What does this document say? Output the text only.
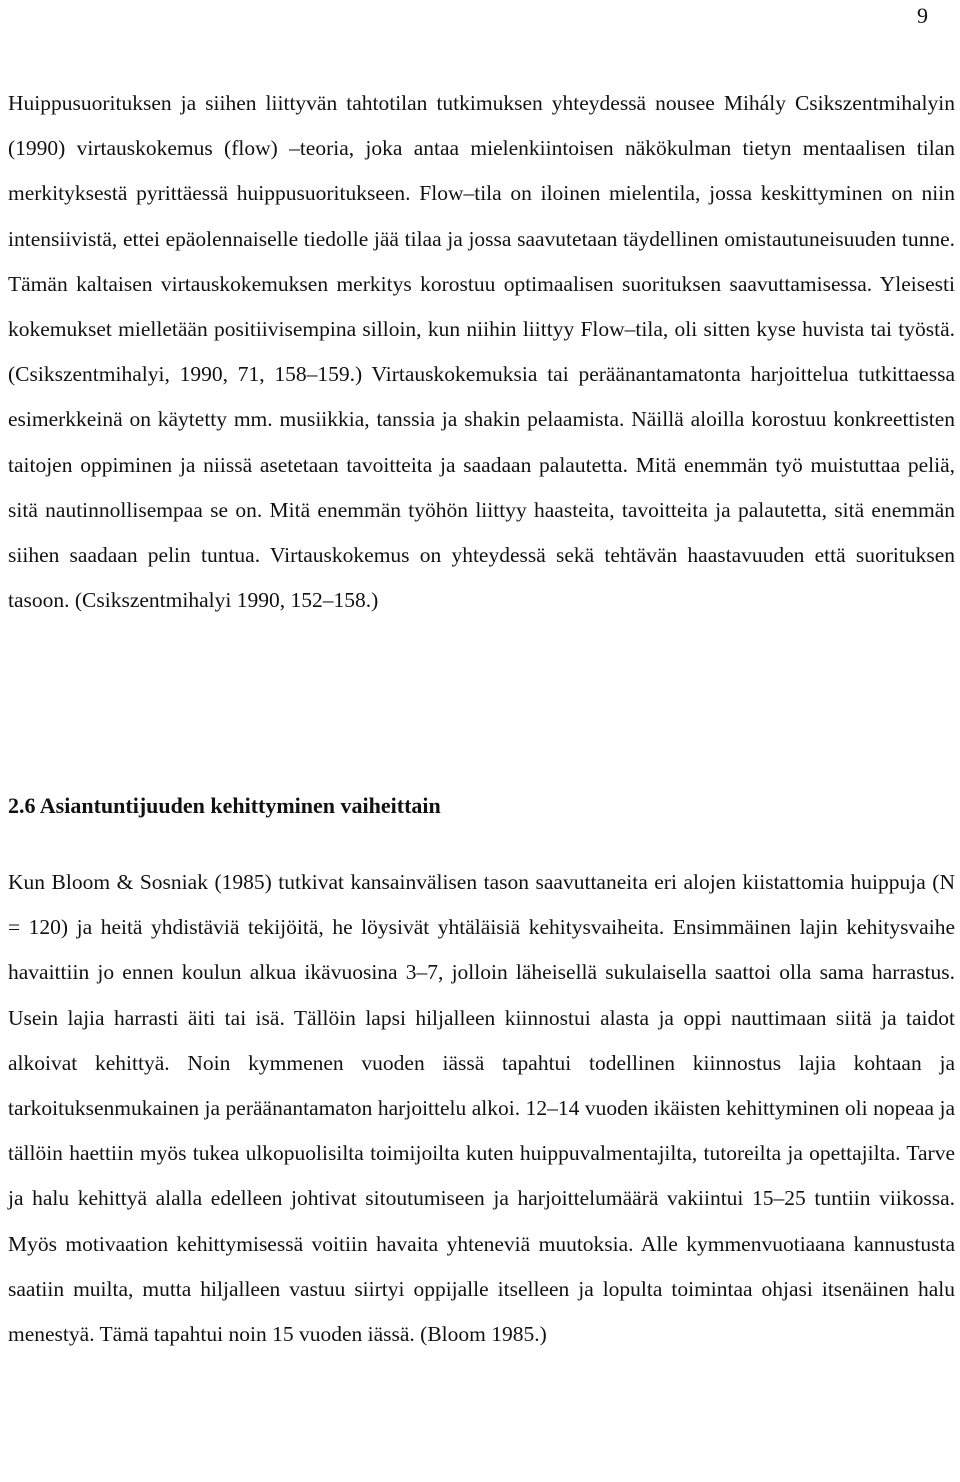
9

Huippusuorituksen ja siihen liittyvän tahtotilan tutkimuksen yhteydessä nousee Mihály Csikszentmihalyin (1990) virtauskokemus (flow) –teoria, joka antaa mielenkiintoisen näkökulman tietyn mentaalisen tilan merkityksestä pyrittäessä huippusuoritukseen. Flow–tila on iloinen mielentila, jossa keskittyminen on niin intensiivistä, ettei epäolennaiselle tiedolle jää tilaa ja jossa saavutetaan täydellinen omistautuneisuuden tunne. Tämän kaltaisen virtauskokemuksen merkitys korostuu optimaalisen suorituksen saavuttamisessa. Yleisesti kokemukset mielletään positiivisempina silloin, kun niihin liittyy Flow–tila, oli sitten kyse huvista tai työstä. (Csikszentmihalyi, 1990, 71, 158–159.) Virtauskokemuksia tai peräänantamatonta harjoittelua tutkittaessa esimerkkeinä on käytetty mm. musiikkia, tanssia ja shakin pelaamista. Näillä aloilla korostuu konkreettisten taitojen oppiminen ja niissä asetetaan tavoitteita ja saadaan palautetta. Mitä enemmän työ muistuttaa peliä, sitä nautinnollisempaa se on. Mitä enemmän työhön liittyy haasteita, tavoitteita ja palautetta, sitä enemmän siihen saadaan pelin tuntua. Virtauskokemus on yhteydessä sekä tehtävän haastavuuden että suorituksen tasoon. (Csikszentmihalyi 1990, 152–158.)

2.6 Asiantuntijuuden kehittyminen vaiheittain

Kun Bloom & Sosniak (1985) tutkivat kansainvälisen tason saavuttaneita eri alojen kiistattomia huippuja (N = 120) ja heitä yhdistäviä tekijöitä, he löysivät yhtäläisiä kehitysvaiheita. Ensimmäinen lajin kehitysvaihe havaittiin jo ennen koulun alkua ikävuosina 3–7, jolloin läheisellä sukulaisella saattoi olla sama harrastus. Usein lajia harrasti äiti tai isä. Tällöin lapsi hiljalleen kiinnostui alasta ja oppi nauttimaan siitä ja taidot alkoivat kehittyä. Noin kymmenen vuoden iässä tapahtui todellinen kiinnostus lajia kohtaan ja tarkoituksenmukainen ja peräänantamaton harjoittelu alkoi. 12–14 vuoden ikäisten kehittyminen oli nopeaa ja tällöin haettiin myös tukea ulkopuolisilta toimijoilta kuten huippuvalmentajilta, tutoreilta ja opettajilta. Tarve ja halu kehittyä alalla edelleen johtivat sitoutumiseen ja harjoittelumäärä vakiintui 15–25 tuntiin viikossa. Myös motivaation kehittymisessä voitiin havaita yhteneviä muutoksia. Alle kymmenvuotiaana kannustusta saatiin muilta, mutta hiljalleen vastuu siirtyi oppijalle itselleen ja lopulta toimintaa ohjasi itsenäinen halu menestyä. Tämä tapahtui noin 15 vuoden iässä. (Bloom 1985.)
